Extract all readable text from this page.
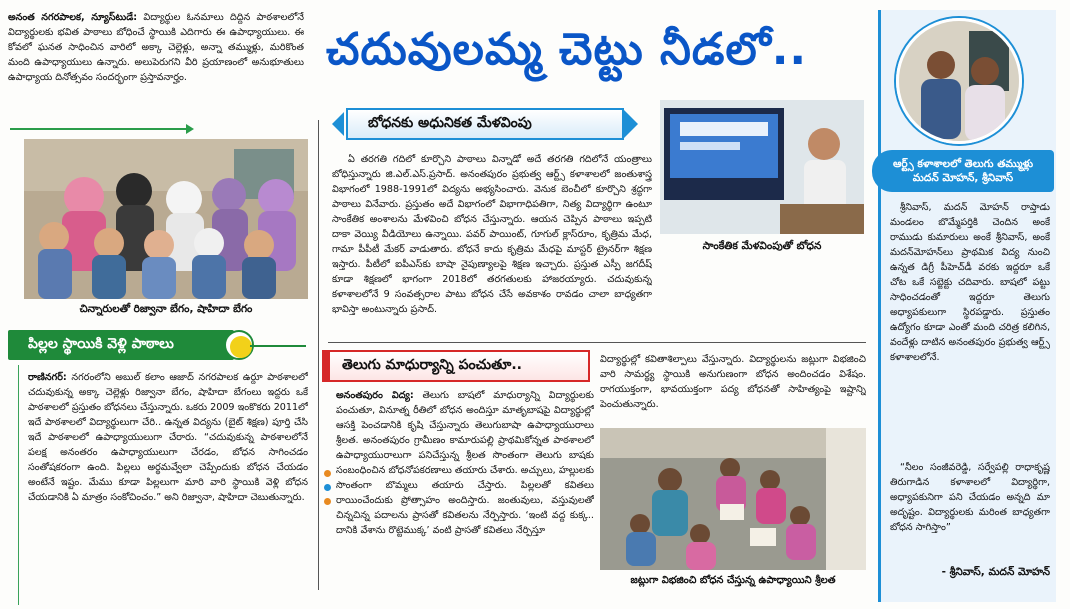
అనంత నగరపాలక, న్యూస్‌టుడే: విద్యార్థుల ఓనమాలు దిద్దిన పాఠశాలలోనే విద్యార్థులకు భవిత పాఠాలు బోధించే స్థాయికి ఎదిగారు ఈ ఉపాధ్యాయులు. ఈ కోవలో ఘనత సాధించిన వారిలో అక్కా చెల్లెళ్లు, అన్నా తమ్ముళ్లు, మరికొంత మంది ఉపాధ్యాయులు ఉన్నారు. అలుపెరుగని వీరి ప్రయాణంలో అనుభూతులు ఉపాధ్యాయ దినోత్సవం సందర్భంగా ప్రస్తావనార్హం.

చిన్నారులతో రిజ్వానా బేగం, షాహిదా బేగం
పిల్లల స్థాయికి వెళ్లి పాఠాలు

రాణినగర్: నగరంలోని అబుల్‌ కలాం ఆజాద్‌ నగరపాలక ఉర్దూ పాఠశాలలో చదువుకున్న అక్కా చెల్లెళ్లు రిజ్వానా బేగం, షాహిదా బేగంలు ఇద్దరు ఒకే పాఠశాలలో ప్రస్తుతం బోధనలు చేస్తున్నారు. ఒకరు 2009 ఇంకొకరు 2011లో ఇదే పాఠశాలలో విద్యార్థులుగా చేరి.. ఉన్నత విద్యను (బైట్‌ శిక్షణ) పూర్తి చేసి ఇదే పాఠశాలలో ఉపాధ్యాయులుగా చేరారు. “చదువుకున్న పాఠశాలలోనే పలక్ష అనంతరం ఉపాధ్యాయులుగా చేరడం, బోధన సాగించడం సంతోషకరంగా ఉంది. పిల్లలు అర్థమవ్వేలా చెప్పేందుకు బోధన చేయడం అంటేనే ఇష్టం. మేము కూడా పిల్లలుగా మారి వారి స్థాయికి వెళ్లి బోధన చేయడానికి ఏ మాత్రం సంకోచించం.” అని రిజ్వానా, షాహిదా చెబుతున్నారు.

చదువులమ్మ చెట్టు నీడలో..
బోధనకు అధునికత మేళవింపు

ఏ తరగతి గదిలో కూర్చొని పాఠాలు విన్నాడో అదే తరగతి గదిలోనే యంత్రాలు బోధిస్తున్నారు జి.ఎల్‌.ఎస్‌.ప్రసాద్‌. అనంతపురం ప్రభుత్వ ఆర్ట్స్‌ కళాశాలలో జంతుశాస్త్ర విభాగంలో 1988-1991లో విద్యను అభ్యసించారు. వెనుక బెంచీలో కూర్చొని శ్రద్ధగా పాఠాలు వినేవారు. ప్రస్తుతం అదే విభాగంలో విభాగాధిపతిగా, నిత్య విద్యార్థిగా ఉంటూ సాంకేతిక అంశాలను మేళవించి బోధన చేస్తున్నారు. ఆయన చెప్పిన పాఠాలు ఇప్పటి దాకా వెయ్యి వీడియోలు ఉన్నాయి. పవర్‌ పాయింట్‌, గూగుల్‌ క్లాస్‌రూం, కృత్రిమ మేధ, గామా పీపీటీ మేకర్‌ వాడుతారు. బోధనే కాదు కృత్రిమ మేధపై మాస్టర్‌ ట్రైనర్‌గా శిక్షణ ఇస్తారు. పీటీలో ఐపీఎస్‌కు బాషా నైపుణ్యాలపై శిక్షణ ఇచ్చారు. ప్రస్తుత ఎస్పీ జగదీష్‌ కూడా శిక్షణలో భాగంగా 2018లో తరగతులకు హాజరయ్యారు. చదువుకున్న కళాశాలలోనే 9 సంవత్సరాల పాటు బోధన చేసే అవకాశం రావడం చాలా బాధ్యతగా భావిస్తా అంటున్నారు ప్రసాద్‌.

సాంకేతిక మేళవింపుతో బోధన
తెలుగు మాధుర్యాన్ని పంచుతూ..

అనంతపురం విద్య: తెలుగు బాషలో మాధుర్యాన్ని విద్యార్థులకు పంచుతూ, వినూత్న రీతిలో బోధన అందిస్తూ మాతృబాషపై విద్యార్థుల్లో ఆసక్తి పెంచడానికి కృషి చేస్తున్నారు తెలుగుబాషా ఉపాధ్యాయురాలు శ్రీలత. అనంతపురం గ్రామీణం కామారుపల్లి ప్రాథమికోన్నత పాఠశాలలో ఉపాధ్యాయురాలుగా పనిచేస్తున్న శ్రీలత సొంతంగా తెలుగు బాషకు సంబంధించిన బోధనోపకరణాలు తయారు చేశారు. అచ్చులు, హల్లులకు సొంతంగా బొమ్మలు తయారు చేస్తారు. పిల్లలతో కవితలు రాయించేందుకు ప్రోత్సాహం అందిస్తారు. జంతువులు, వస్తువులతో చిన్నచిన్న పదాలను ప్రాసతో కవితలను నేర్పిస్తారు. ‘ఇంటి వద్ద కుక్క.. దానికి వేశాను రొట్టెముక్క’ వంటి ప్రాసతో కవితలు నేర్పిస్తూ

విద్యార్థుల్లో కవితాశిల్పాలు వేస్తున్నారు. విద్యార్థులను జట్లుగా విభజించి వారి సామర్థ్య స్థాయికి అనుగుణంగా బోధన అందించడం విశేషం. రాగయుక్తంగా, భావయుక్తంగా పద్య బోధనతో సాహిత్యంపై ఇష్టాన్ని పెంచుతున్నారు.

జట్లుగా విభజించి బోధన చేస్తున్న ఉపాధ్యాయిని శ్రీలత
ఆర్ట్స్‌ కళాశాలలో తెలుగు తమ్ముళ్లు మదన్‌ మోహన్‌, శ్రీనివాస్‌

శ్రీనివాస్‌, మదన్‌ మోహన్‌ రాప్తాడు మండలం బొమ్మేపర్తికి చెందిన అంకే రాముడు కుమారులు అంకే శ్రీనివాస్‌, అంకే మదన్‌మోహన్‌లు ప్రాథమిక విద్య నుంచి ఉన్నత డిగ్రీ పీహెచ్‌డీ వరకు ఇద్దరూ ఒకే చోట ఒకే సబ్జెక్టు చదివారు. బాషలో పట్టు సాధించడంతో ఇద్దరూ తెలుగు అధ్యాపకులుగా స్థిరపడ్డారు. ప్రస్తుతం ఉద్యోగం కూడా ఎంతో మంది చరిత్ర కలిగిన, వందేళ్లు దాటిన అనంతపురం ప్రభుత్వ ఆర్ట్స్‌ కళాశాలలోనే.

“నీలం సంజీవరెడ్డి, సర్వేపల్లి రాధాకృష్ణ తిరుగాడిన కళాశాలలో విద్యార్థిగా, అధ్యాపకునిగా పని చేయడం అన్నది మా అదృష్టం. విద్యార్థులకు మరింత బాధ్యతగా బోధన సాగిస్తాం”

- శ్రీనివాస్‌, మదన్‌ మోహన్‌
